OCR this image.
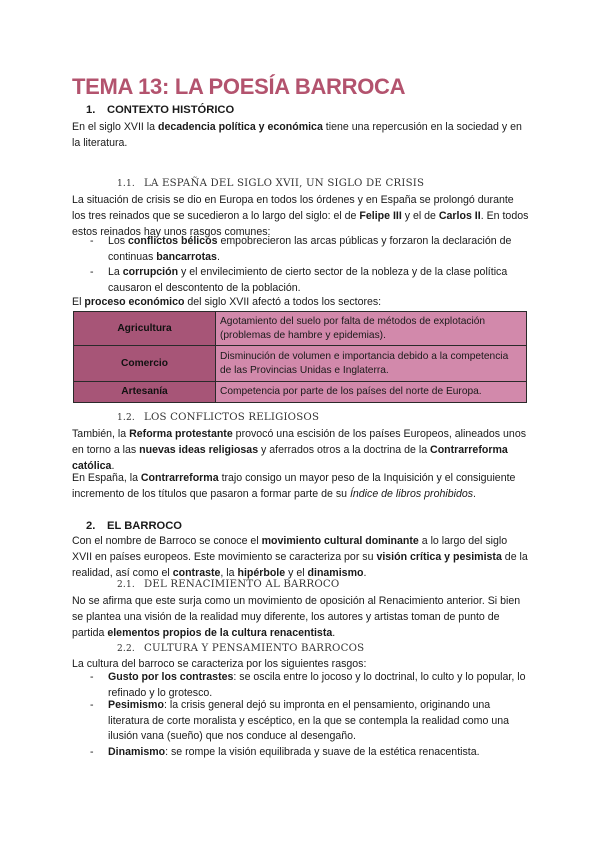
TEMA 13: LA POESÍA BARROCA

1. CONTEXTO HISTÓRICO

En el siglo XVII la decadencia política y económica tiene una repercusión en la sociedad y en la literatura.

1.1. LA ESPAÑA DEL SIGLO XVII, UN SIGLO DE CRISIS

La situación de crisis se dio en Europa en todos los órdenes y en España se prolongó durante los tres reinados que se sucedieron a lo largo del siglo: el de Felipe III y el de Carlos II. En todos estos reinados hay unos rasgos comunes:

- Los conflictos bélicos empobrecieron las arcas públicas y forzaron la declaración de continuas bancarrotas.
- La corrupción y el envilecimiento de cierto sector de la nobleza y de la clase política causaron el descontento de la población.

El proceso económico del siglo XVII afectó a todos los sectores:

Agricultura	Agotamiento del suelo por falta de métodos de explotación (problemas de hambre y epidemias).
Comercio	Disminución de volumen e importancia debido a la competencia de las Provincias Unidas e Inglaterra.
Artesanía	Competencia por parte de los países del norte de Europa.

1.2. LOS CONFLICTOS RELIGIOSOS

También, la Reforma protestante provocó una escisión de los países Europeos, alineados unos en torno a las nuevas ideas religiosas y aferrados otros a la doctrina de la Contrarreforma católica.

En España, la Contrarreforma trajo consigo un mayor peso de la Inquisición y el consiguiente incremento de los títulos que pasaron a formar parte de su Índice de libros prohibidos.

2. EL BARROCO

Con el nombre de Barroco se conoce el movimiento cultural dominante a lo largo del siglo XVII en países europeos. Este movimiento se caracteriza por su visión crítica y pesimista de la realidad, así como el contraste, la hipérbole y el dinamismo.

2.1. DEL RENACIMIENTO AL BARROCO

No se afirma que este surja como un movimiento de oposición al Renacimiento anterior. Si bien se plantea una visión de la realidad muy diferente, los autores y artistas toman de punto de partida elementos propios de la cultura renacentista.

2.2. CULTURA Y PENSAMIENTO BARROCOS

La cultura del barroco se caracteriza por los siguientes rasgos:

- Gusto por los contrastes: se oscila entre lo jocoso y lo doctrinal, lo culto y lo popular, lo refinado y lo grotesco.
- Pesimismo: la crisis general dejó su impronta en el pensamiento, originando una literatura de corte moralista y escéptico, en la que se contempla la realidad como una ilusión vana (sueño) que nos conduce al desengaño.
- Dinamismo: se rompe la visión equilibrada y suave de la estética renacentista.
